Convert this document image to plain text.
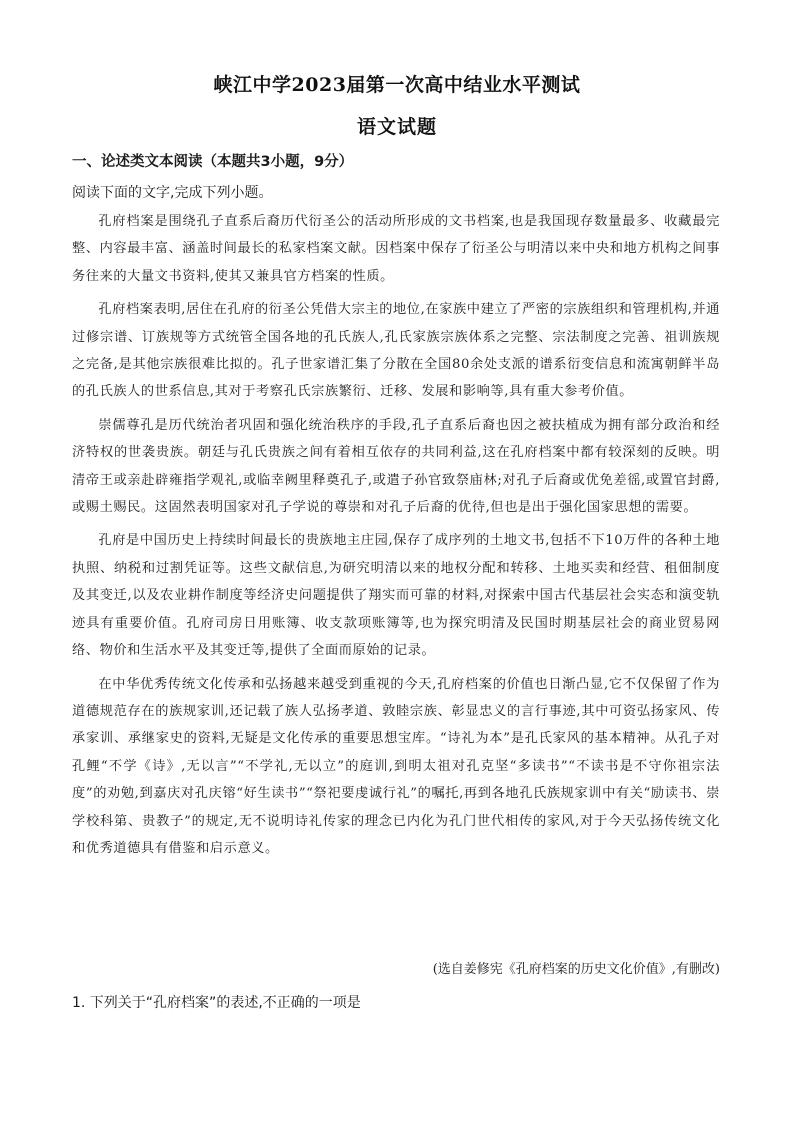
峡江中学2023届第一次高中结业水平测试
语文试题
一、论述类文本阅读（本题共3小题，9分）
阅读下面的文字,完成下列小题。

孔府档案是围绕孔子直系后裔历代衍圣公的活动所形成的文书档案,也是我国现存数量最多、收藏最完整、内容最丰富、涵盖时间最长的私家档案文献。因档案中保存了衍圣公与明清以来中央和地方机构之间事务往来的大量文书资料,使其又兼具官方档案的性质。

孔府档案表明,居住在孔府的衍圣公凭借大宗主的地位,在家族中建立了严密的宗族组织和管理机构,并通过修宗谱、订族规等方式统管全国各地的孔氏族人,孔氏家族宗族体系之完整、宗法制度之完善、祖训族规之完备,是其他宗族很难比拟的。孔子世家谱汇集了分散在全国80余处支派的谱系衍变信息和流寓朝鲜半岛的孔氏族人的世系信息,其对于考察孔氏宗族繁衍、迁移、发展和影响等,具有重大参考价值。

崇儒尊孔是历代统治者巩固和强化统治秩序的手段,孔子直系后裔也因之被扶植成为拥有部分政治和经济特权的世袭贵族。朝廷与孔氏贵族之间有着相互依存的共同利益,这在孔府档案中都有较深刻的反映。明清帝王或亲赴辟雍指学观礼,或临幸阙里释奠孔子,或遣子孙官致祭庙林;对孔子后裔或优免差徭,或置官封爵,或赐土赐民。这固然表明国家对孔子学说的尊崇和对孔子后裔的优待,但也是出于强化国家思想的需要。

孔府是中国历史上持续时间最长的贵族地主庄园,保存了成序列的土地文书,包括不下10万件的各种土地执照、纳税和过割凭证等。这些文献信息,为研究明清以来的地权分配和转移、土地买卖和经营、租佃制度及其变迁,以及农业耕作制度等经济史问题提供了翔实而可靠的材料,对探索中国古代基层社会实态和演变轨迹具有重要价值。孔府司房日用账簿、收支款项账簿等,也为探究明清及民国时期基层社会的商业贸易网络、物价和生活水平及其变迁等,提供了全面而原始的记录。

在中华优秀传统文化传承和弘扬越来越受到重视的今天,孔府档案的价值也日渐凸显,它不仅保留了作为道德规范存在的族规家训,还记载了族人弘扬孝道、敦睦宗族、彰显忠义的言行事迹,其中可资弘扬家风、传承家训、承继家史的资料,无疑是文化传承的重要思想宝库。“诗礼为本”是孔氏家风的基本精神。从孔子对孔鲤“不学《诗》,无以言”“不学礼,无以立”的庭训,到明太祖对孔克坚“多读书”“不读书是不守你祖宗法度”的劝勉,到嘉庆对孔庆镕“好生读书”“祭祀要虔诚行礼”的嘱托,再到各地孔氏族规家训中有关“励读书、崇学校科第、贵教子”的规定,无不说明诗礼传家的理念已内化为孔门世代相传的家风,对于今天弘扬传统文化和优秀道德具有借鉴和启示意义。

(选自姜修宪《孔府档案的历史文化价值》,有删改)
1. 下列关于“孔府档案”的表述,不正确的一项是
